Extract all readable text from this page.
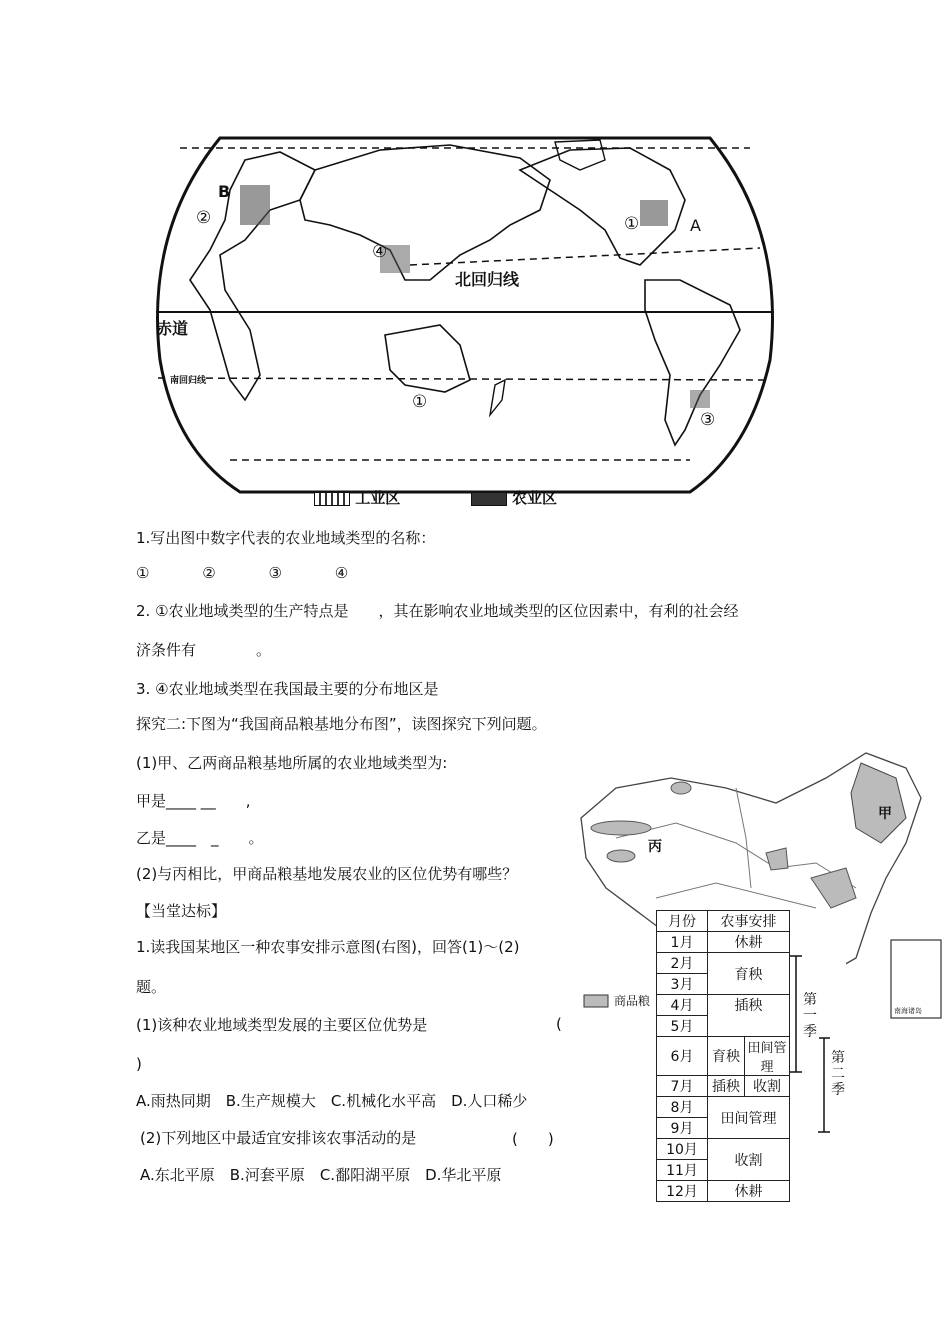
B
②
④
①	A
①
③
北回归线
赤道
南回归线
工业区	农业区
1.写出图中数字代表的农业地域类型的名称：
①	②	③	④
2. ①农业地域类型的生产特点是　　，其在影响农业地域类型的区位因素中，有利的社会经
济条件有　　　　。
3. ④农业地域类型在我国最主要的分布地区是
探究二:下图为“我国商品粮基地分布图”，读图探究下列问题。
(1)甲、乙两商品粮基地所属的农业地域类型为:
甲是____ __　　,
乙是____　_　　。
(2)与丙相比，甲商品粮基地发展农业的区位优势有哪些？
【当堂达标】
1.读我国某地区一种农事安排示意图(右图)，回答(1)～(2)
题。
(1)该种农业地域类型发展的主要区位优势是	(
)
A.雨热同期　B.生产规模大　C.机械化水平高　D.人口稀少
(2)下列地区中最适宜安排该农事活动的是	(　　)
A.东北平原　B.河套平原　C.鄱阳湖平原　D.华北平原
甲
丙
商品粮
南海诸岛
月份	农事安排	
1月	休耕	
2月	育秧	
3月		
4月	插秧	
5月		
6月	育秧	田间管理
7月	插秧	收割
8月	田间管理	
9月		
10月	收割	
11月		
12月	休耕	
第一季
第二季
